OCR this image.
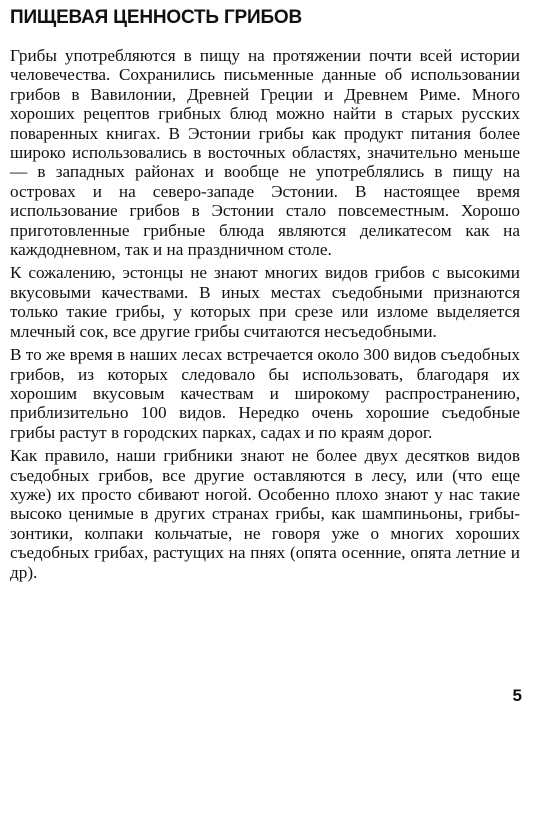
ПИЩЕВАЯ ЦЕННОСТЬ ГРИБОВ

Грибы употребляются в пищу на протяжении почти всей истории человечества. Сохранились письменные данные об использовании грибов в Вавилонии, Древней Греции и Древнем Риме. Много хороших рецептов грибных блюд можно найти в старых русских поваренных книгах. В Эстонии грибы как продукт питания более широко использовались в восточных областях, значительно меньше — в западных районах и вообще не употреблялись в пищу на островах и на северо-западе Эстонии. В настоящее время использование грибов в Эстонии стало повсеместным. Хорошо приготовленные грибные блюда являются деликатесом как на каждодневном, так и на праздничном столе.

К сожалению, эстонцы не знают многих видов грибов с высокими вкусовыми качествами. В иных местах съедобными признаются только такие грибы, у которых при срезе или изломе выделяется млечный сок, все другие грибы считаются несъедобными.

В то же время в наших лесах встречается около 300 видов съедобных грибов, из которых следовало бы использовать, благодаря их хорошим вкусовым качествам и широкому распространению, приблизительно 100 видов. Нередко очень хорошие съедобные грибы растут в городских парках, садах и по краям дорог.

Как правило, наши грибники знают не более двух десятков видов съедобных грибов, все другие оставляются в лесу, или (что еще хуже) их просто сбивают ногой. Особенно плохо знают у нас такие высоко ценимые в других странах грибы, как шампиньоны, грибы-зонтики, колпаки кольчатые, не говоря уже о многих хороших съедобных грибах, растущих на пнях (опята осенние, опята летние и др).

5
